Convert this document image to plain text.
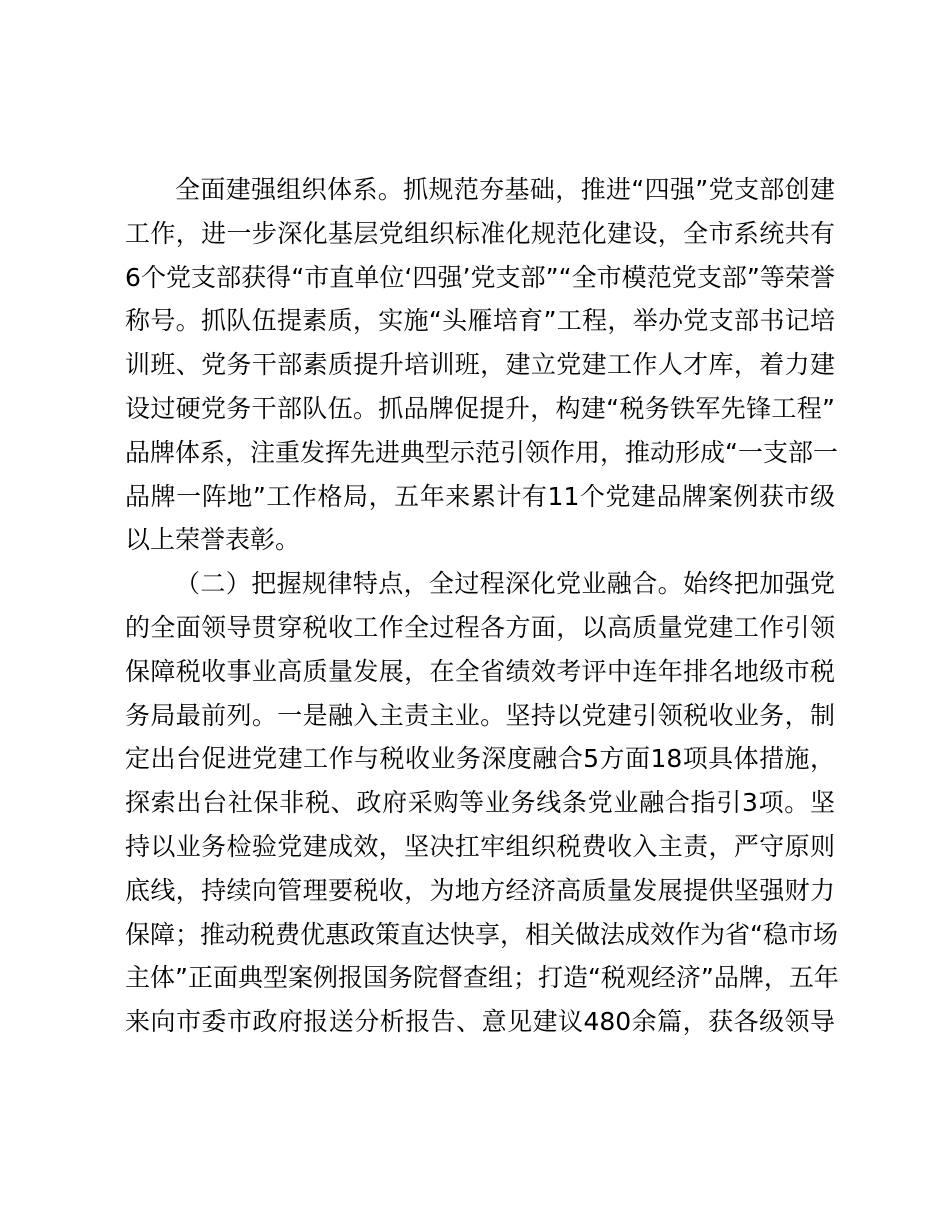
全面建强组织体系。抓规范夯基础，推进“四强”党支部创建
工作，进一步深化基层党组织标准化规范化建设，全市系统共有
6个党支部获得“市直单位‘四强’党支部”“全市模范党支部”等荣誉
称号。抓队伍提素质，实施“头雁培育”工程，举办党支部书记培
训班、党务干部素质提升培训班，建立党建工作人才库，着力建
设过硬党务干部队伍。抓品牌促提升，构建“税务铁军先锋工程”
品牌体系，注重发挥先进典型示范引领作用，推动形成“一支部一
品牌一阵地”工作格局，五年来累计有11个党建品牌案例获市级
以上荣誉表彰。

（二）把握规律特点，全过程深化党业融合。始终把加强党
的全面领导贯穿税收工作全过程各方面，以高质量党建工作引领
保障税收事业高质量发展，在全省绩效考评中连年排名地级市税
务局最前列。一是融入主责主业。坚持以党建引领税收业务，制
定出台促进党建工作与税收业务深度融合5方面18项具体措施，
探索出台社保非税、政府采购等业务线条党业融合指引3项。坚
持以业务检验党建成效，坚决扛牢组织税费收入主责，严守原则
底线，持续向管理要税收，为地方经济高质量发展提供坚强财力
保障；推动税费优惠政策直达快享，相关做法成效作为省“稳市场
主体”正面典型案例报国务院督查组；打造“税观经济”品牌，五年
来向市委市政府报送分析报告、意见建议480余篇，获各级领导
